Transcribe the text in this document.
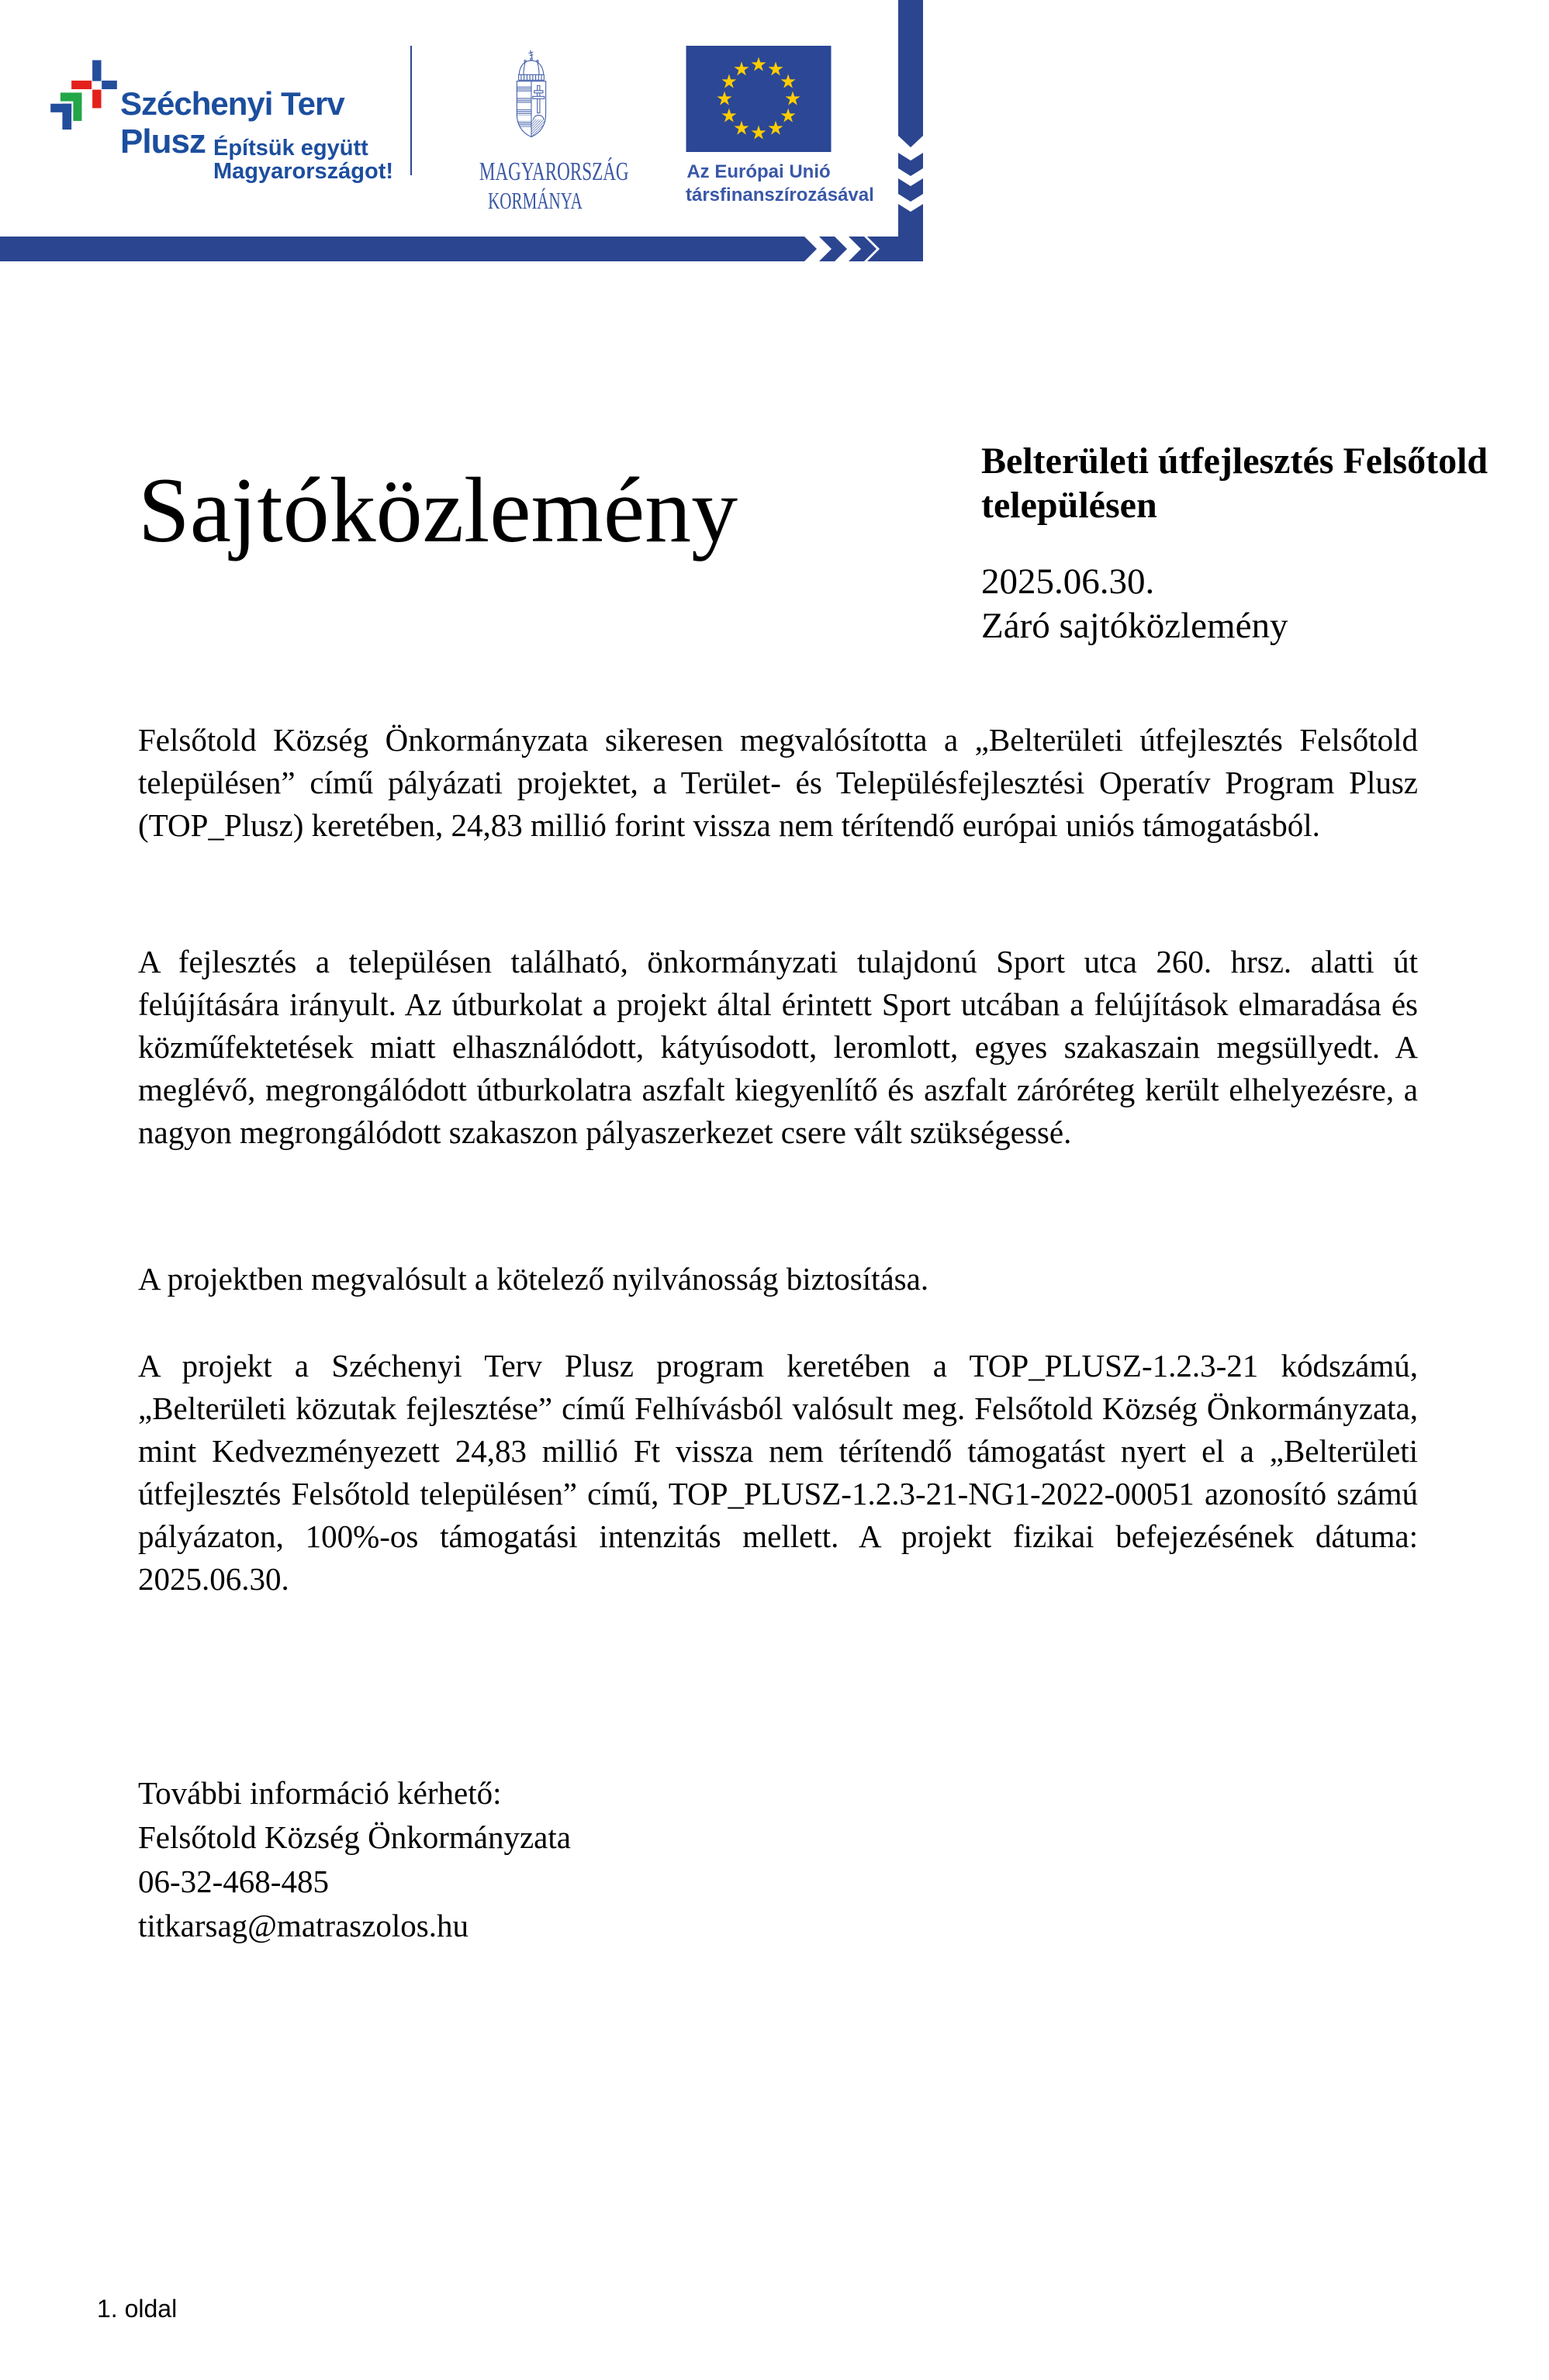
Széchenyi Terv
Plusz Építsük együtt
Magyarországot!	MAGYARORSZÁG
KORMÁNYA
Az Európai Unió
társfinanszírozásával
Sajtóközlemény	Belterületi útfejlesztés Felsőtold településen
2025.06.30.
Záró sajtóközlemény

Felsőtold Község Önkormányzata sikeresen megvalósította a „Belterületi útfejlesztés Felsőtold településen” című pályázati projektet, a Terület- és Településfejlesztési Operatív Program Plusz (TOP_Plusz) keretében, 24,83 millió forint vissza nem térítendő európai uniós támogatásból.

A fejlesztés a településen található, önkormányzati tulajdonú Sport utca 260. hrsz. alatti út felújítására irányult. Az útburkolat a projekt által érintett Sport utcában a felújítások elmaradása és közműfektetések miatt elhasználódott, kátyúsodott, leromlott, egyes szakaszain megsüllyedt. A meglévő, megrongálódott útburkolatra aszfalt kiegyenlítő és aszfalt záróréteg került elhelyezésre, a nagyon megrongálódott szakaszon pályaszerkezet csere vált szükségessé.

A projektben megvalósult a kötelező nyilvánosság biztosítása.

A projekt a Széchenyi Terv Plusz program keretében a TOP_PLUSZ-1.2.3-21 kódszámú, „Belterületi közutak fejlesztése” című Felhívásból valósult meg. Felsőtold Község Önkormányzata, mint Kedvezményezett 24,83 millió Ft vissza nem térítendő támogatást nyert el a „Belterületi útfejlesztés Felsőtold településen” című, TOP_PLUSZ-1.2.3-21-NG1-2022-00051 azonosító számú pályázaton, 100%-os támogatási intenzitás mellett. A projekt fizikai befejezésének dátuma: 2025.06.30.

További információ kérhető:
Felsőtold Község Önkormányzata
06-32-468-485
titkarsag@matraszolos.hu
1. oldal
